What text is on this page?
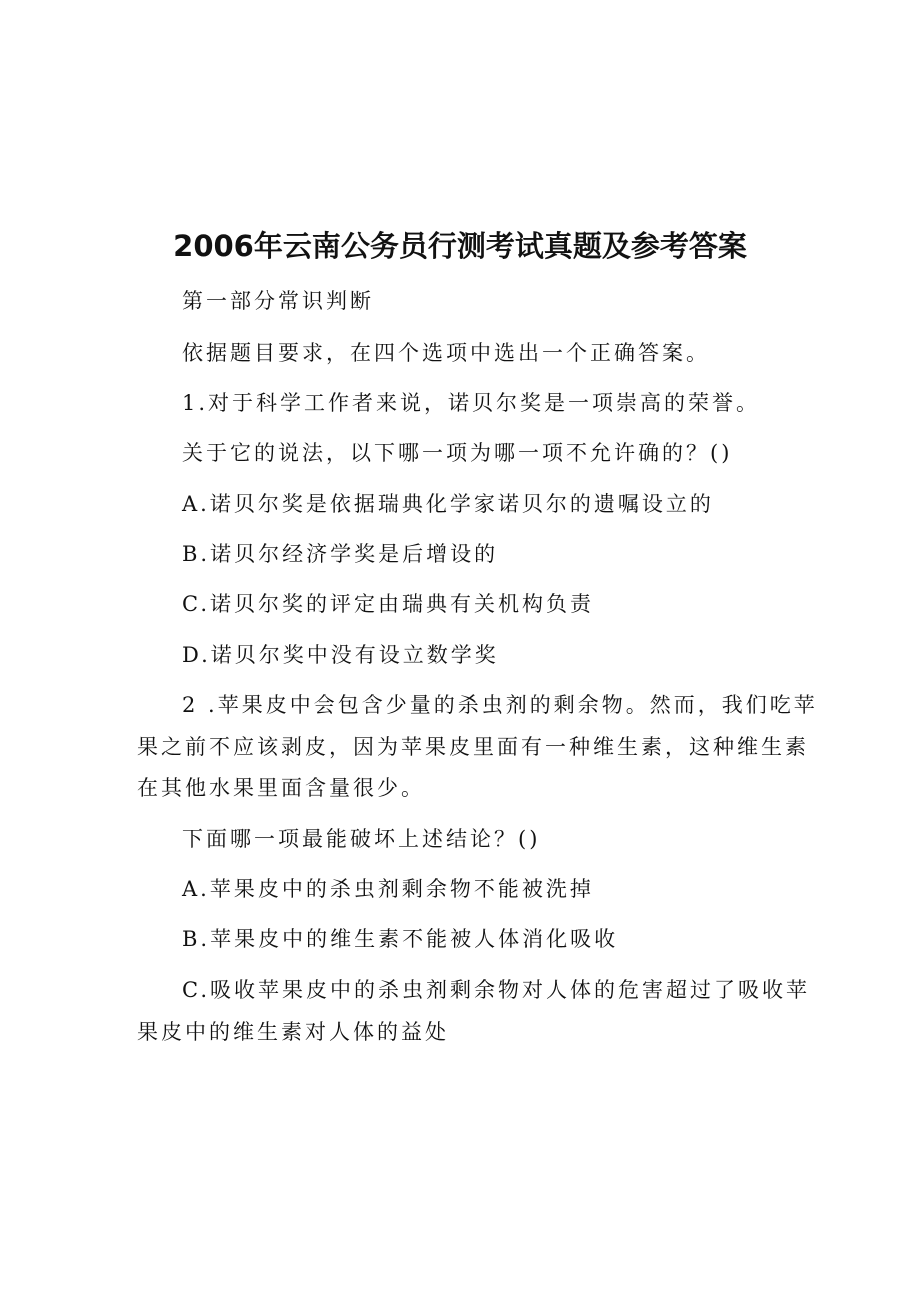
2006年云南公务员行测考试真题及参考答案

第一部分常识判断

依据题目要求，在四个选项中选出一个正确答案。

1.对于科学工作者来说，诺贝尔奖是一项崇高的荣誉。

关于它的说法，以下哪一项为哪一项不允许确的？()

A.诺贝尔奖是依据瑞典化学家诺贝尔的遗嘱设立的

B.诺贝尔经济学奖是后增设的

C.诺贝尔奖的评定由瑞典有关机构负责

D.诺贝尔奖中没有设立数学奖

2 .苹果皮中会包含少量的杀虫剂的剩余物。然而，我们吃苹

果之前不应该剥皮，因为苹果皮里面有一种维生素，这种维生素

在其他水果里面含量很少。

下面哪一项最能破坏上述结论？()

A.苹果皮中的杀虫剂剩余物不能被洗掉

B.苹果皮中的维生素不能被人体消化吸收

C.吸收苹果皮中的杀虫剂剩余物对人体的危害超过了吸收苹

果皮中的维生素对人体的益处
